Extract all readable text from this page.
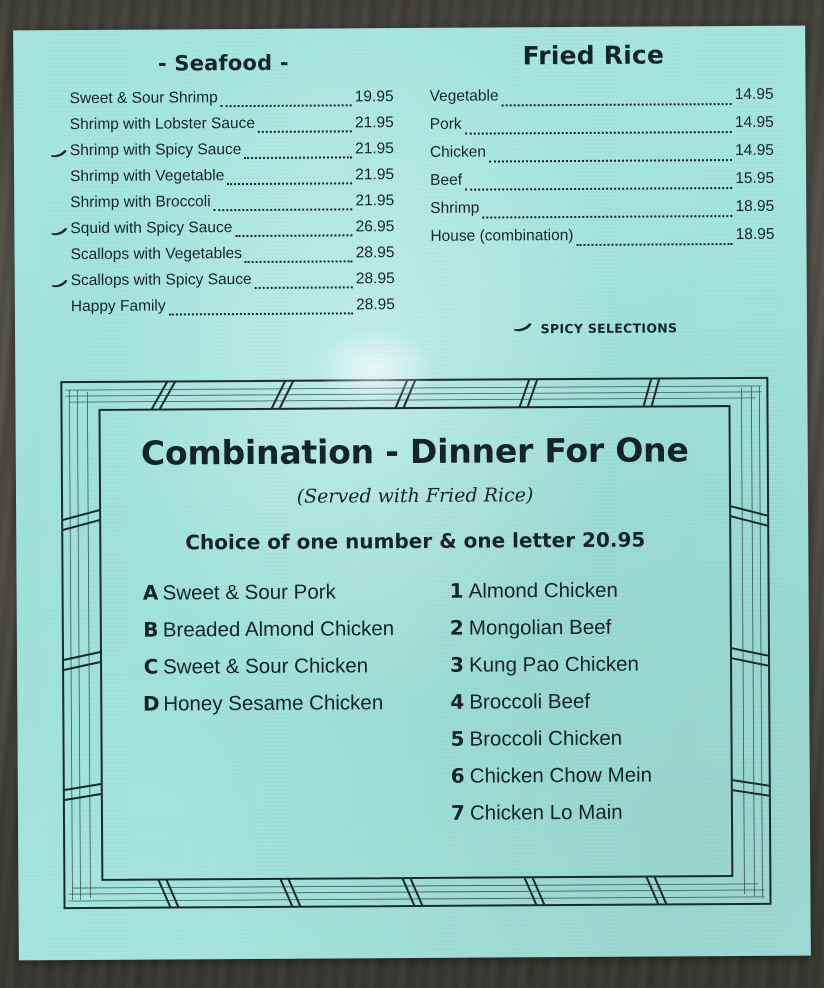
- Seafood -
Sweet & Sour Shrimp	19.95
Shrimp with Lobster Sauce	21.95
Shrimp with Spicy Sauce	21.95
Shrimp with Vegetable	21.95
Shrimp with Broccoli	21.95
Squid with Spicy Sauce	26.95
Scallops with Vegetables	28.95
Scallops with Spicy Sauce	28.95
Happy Family	28.95
Fried Rice
Vegetable	14.95
Pork	14.95
Chicken	14.95
Beef	15.95
Shrimp	18.95
House (combination)	18.95
SPICY SELECTIONS
Combination - Dinner For One
(Served with Fried Rice)
Choice of one number & one letter 20.95
A Sweet & Sour Pork
B Breaded Almond Chicken
C Sweet & Sour Chicken
D Honey Sesame Chicken
1 Almond Chicken
2 Mongolian Beef
3 Kung Pao Chicken
4 Broccoli Beef
5 Broccoli Chicken
6 Chicken Chow Mein
7 Chicken Lo Main
